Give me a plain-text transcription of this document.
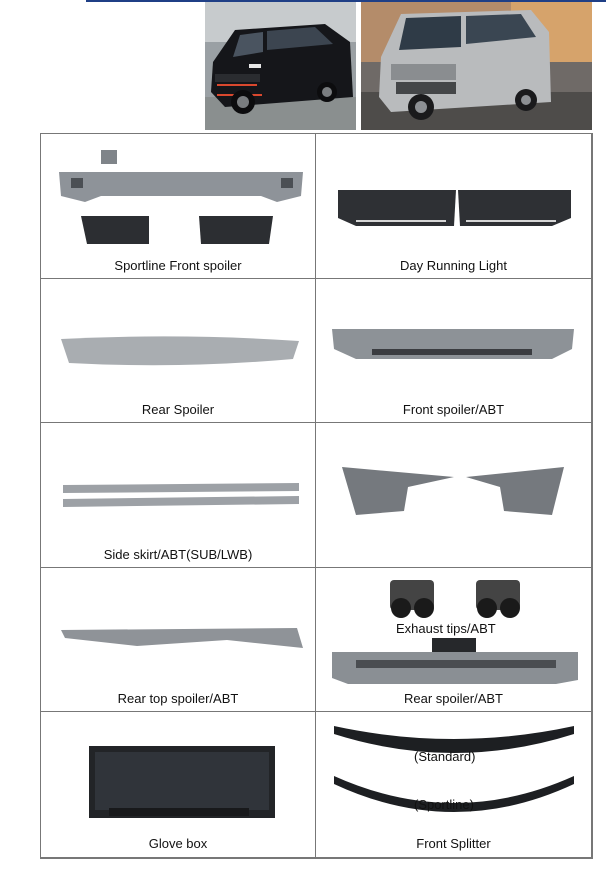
Sportline Front spoiler	Day Running Light
Rear Spoiler	Front spoiler/ABT
Side skirt/ABT(SUB/LWB)
Rear top spoiler/ABT
Exhaust tips/ABT
Rear spoiler/ABT
Glove box
(Standard)
(Sportline)
Front Splitter
